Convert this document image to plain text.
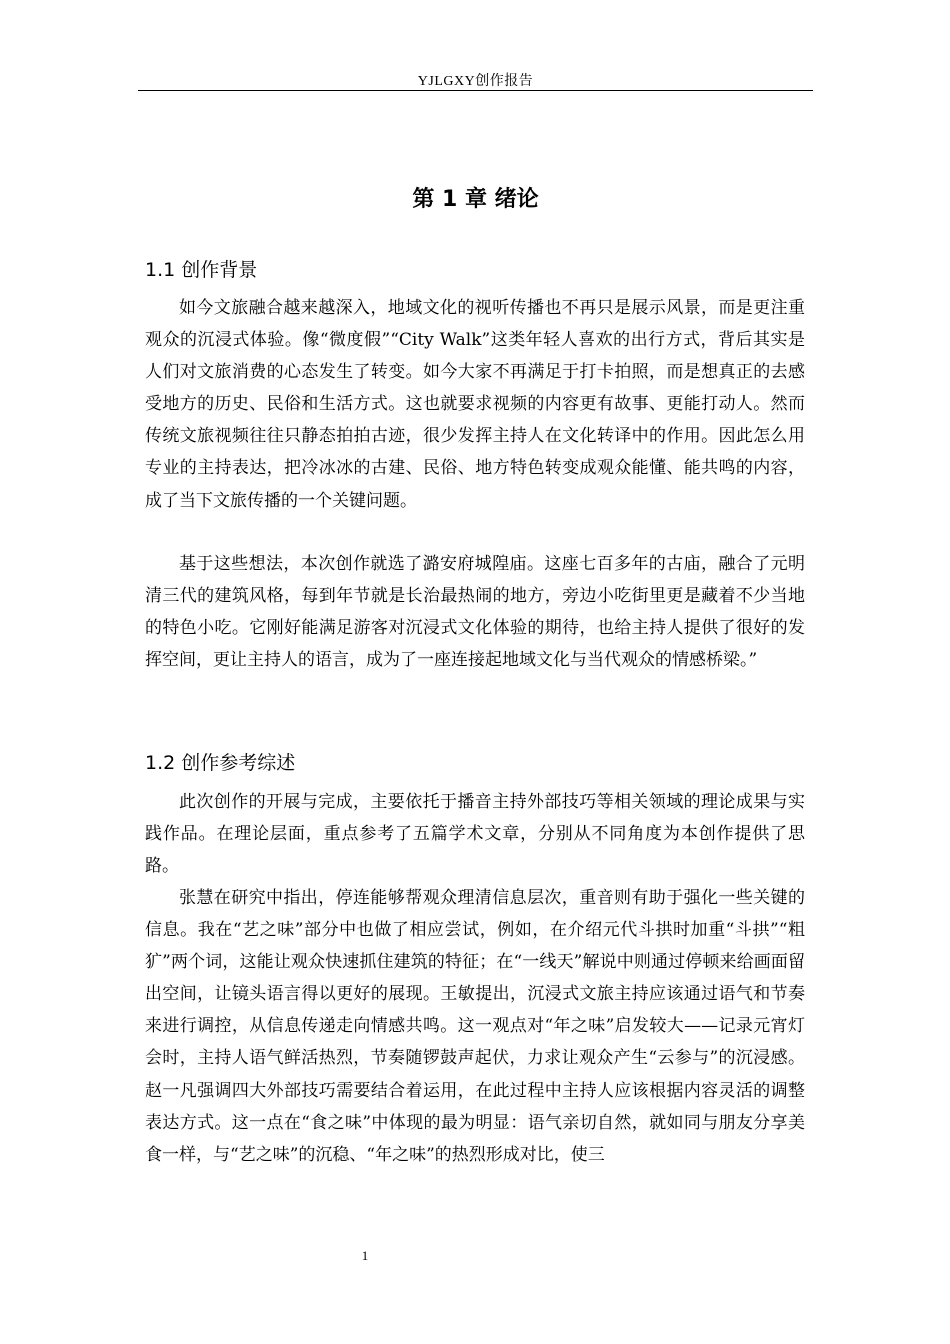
YJLGXY创作报告
第 1 章 绪论
1.1 创作背景

如今文旅融合越来越深入，地域文化的视听传播也不再只是展示风景，而是更注重观众的沉浸式体验。像“微度假”“City Walk”这类年轻人喜欢的出行方式，背后其实是人们对文旅消费的心态发生了转变。如今大家不再满足于打卡拍照，而是想真正的去感受地方的历史、民俗和生活方式。这也就要求视频的内容更有故事、更能打动人。然而传统文旅视频往往只静态拍拍古迹，很少发挥主持人在文化转译中的作用。因此怎么用专业的主持表达，把冷冰冰的古建、民俗、地方特色转变成观众能懂、能共鸣的内容，成了当下文旅传播的一个关键问题。

基于这些想法，本次创作就选了潞安府城隍庙。这座七百多年的古庙，融合了元明清三代的建筑风格，每到年节就是长治最热闹的地方，旁边小吃街里更是藏着不少当地的特色小吃。它刚好能满足游客对沉浸式文化体验的期待，也给主持人提供了很好的发挥空间，更让主持人的语言，成为了一座连接起地域文化与当代观众的情感桥梁。”

1.2 创作参考综述

此次创作的开展与完成，主要依托于播音主持外部技巧等相关领域的理论成果与实践作品。在理论层面，重点参考了五篇学术文章，分别从不同角度为本创作提供了思路。

张慧在研究中指出，停连能够帮观众理清信息层次，重音则有助于强化一些关键的信息。我在“艺之味”部分中也做了相应尝试，例如，在介绍元代斗拱时加重“斗拱”“粗犷”两个词，这能让观众快速抓住建筑的特征；在“一线天”解说中则通过停顿来给画面留出空间，让镜头语言得以更好的展现。王敏提出，沉浸式文旅主持应该通过语气和节奏来进行调控，从信息传递走向情感共鸣。这一观点对“年之味”启发较大——记录元宵灯会时，主持人语气鲜活热烈，节奏随锣鼓声起伏，力求让观众产生“云参与”的沉浸感。赵一凡强调四大外部技巧需要结合着运用，在此过程中主持人应该根据内容灵活的调整表达方式。这一点在“食之味”中体现的最为明显：语气亲切自然，就如同与朋友分享美食一样，与“艺之味”的沉稳、“年之味”的热烈形成对比，使三

1
